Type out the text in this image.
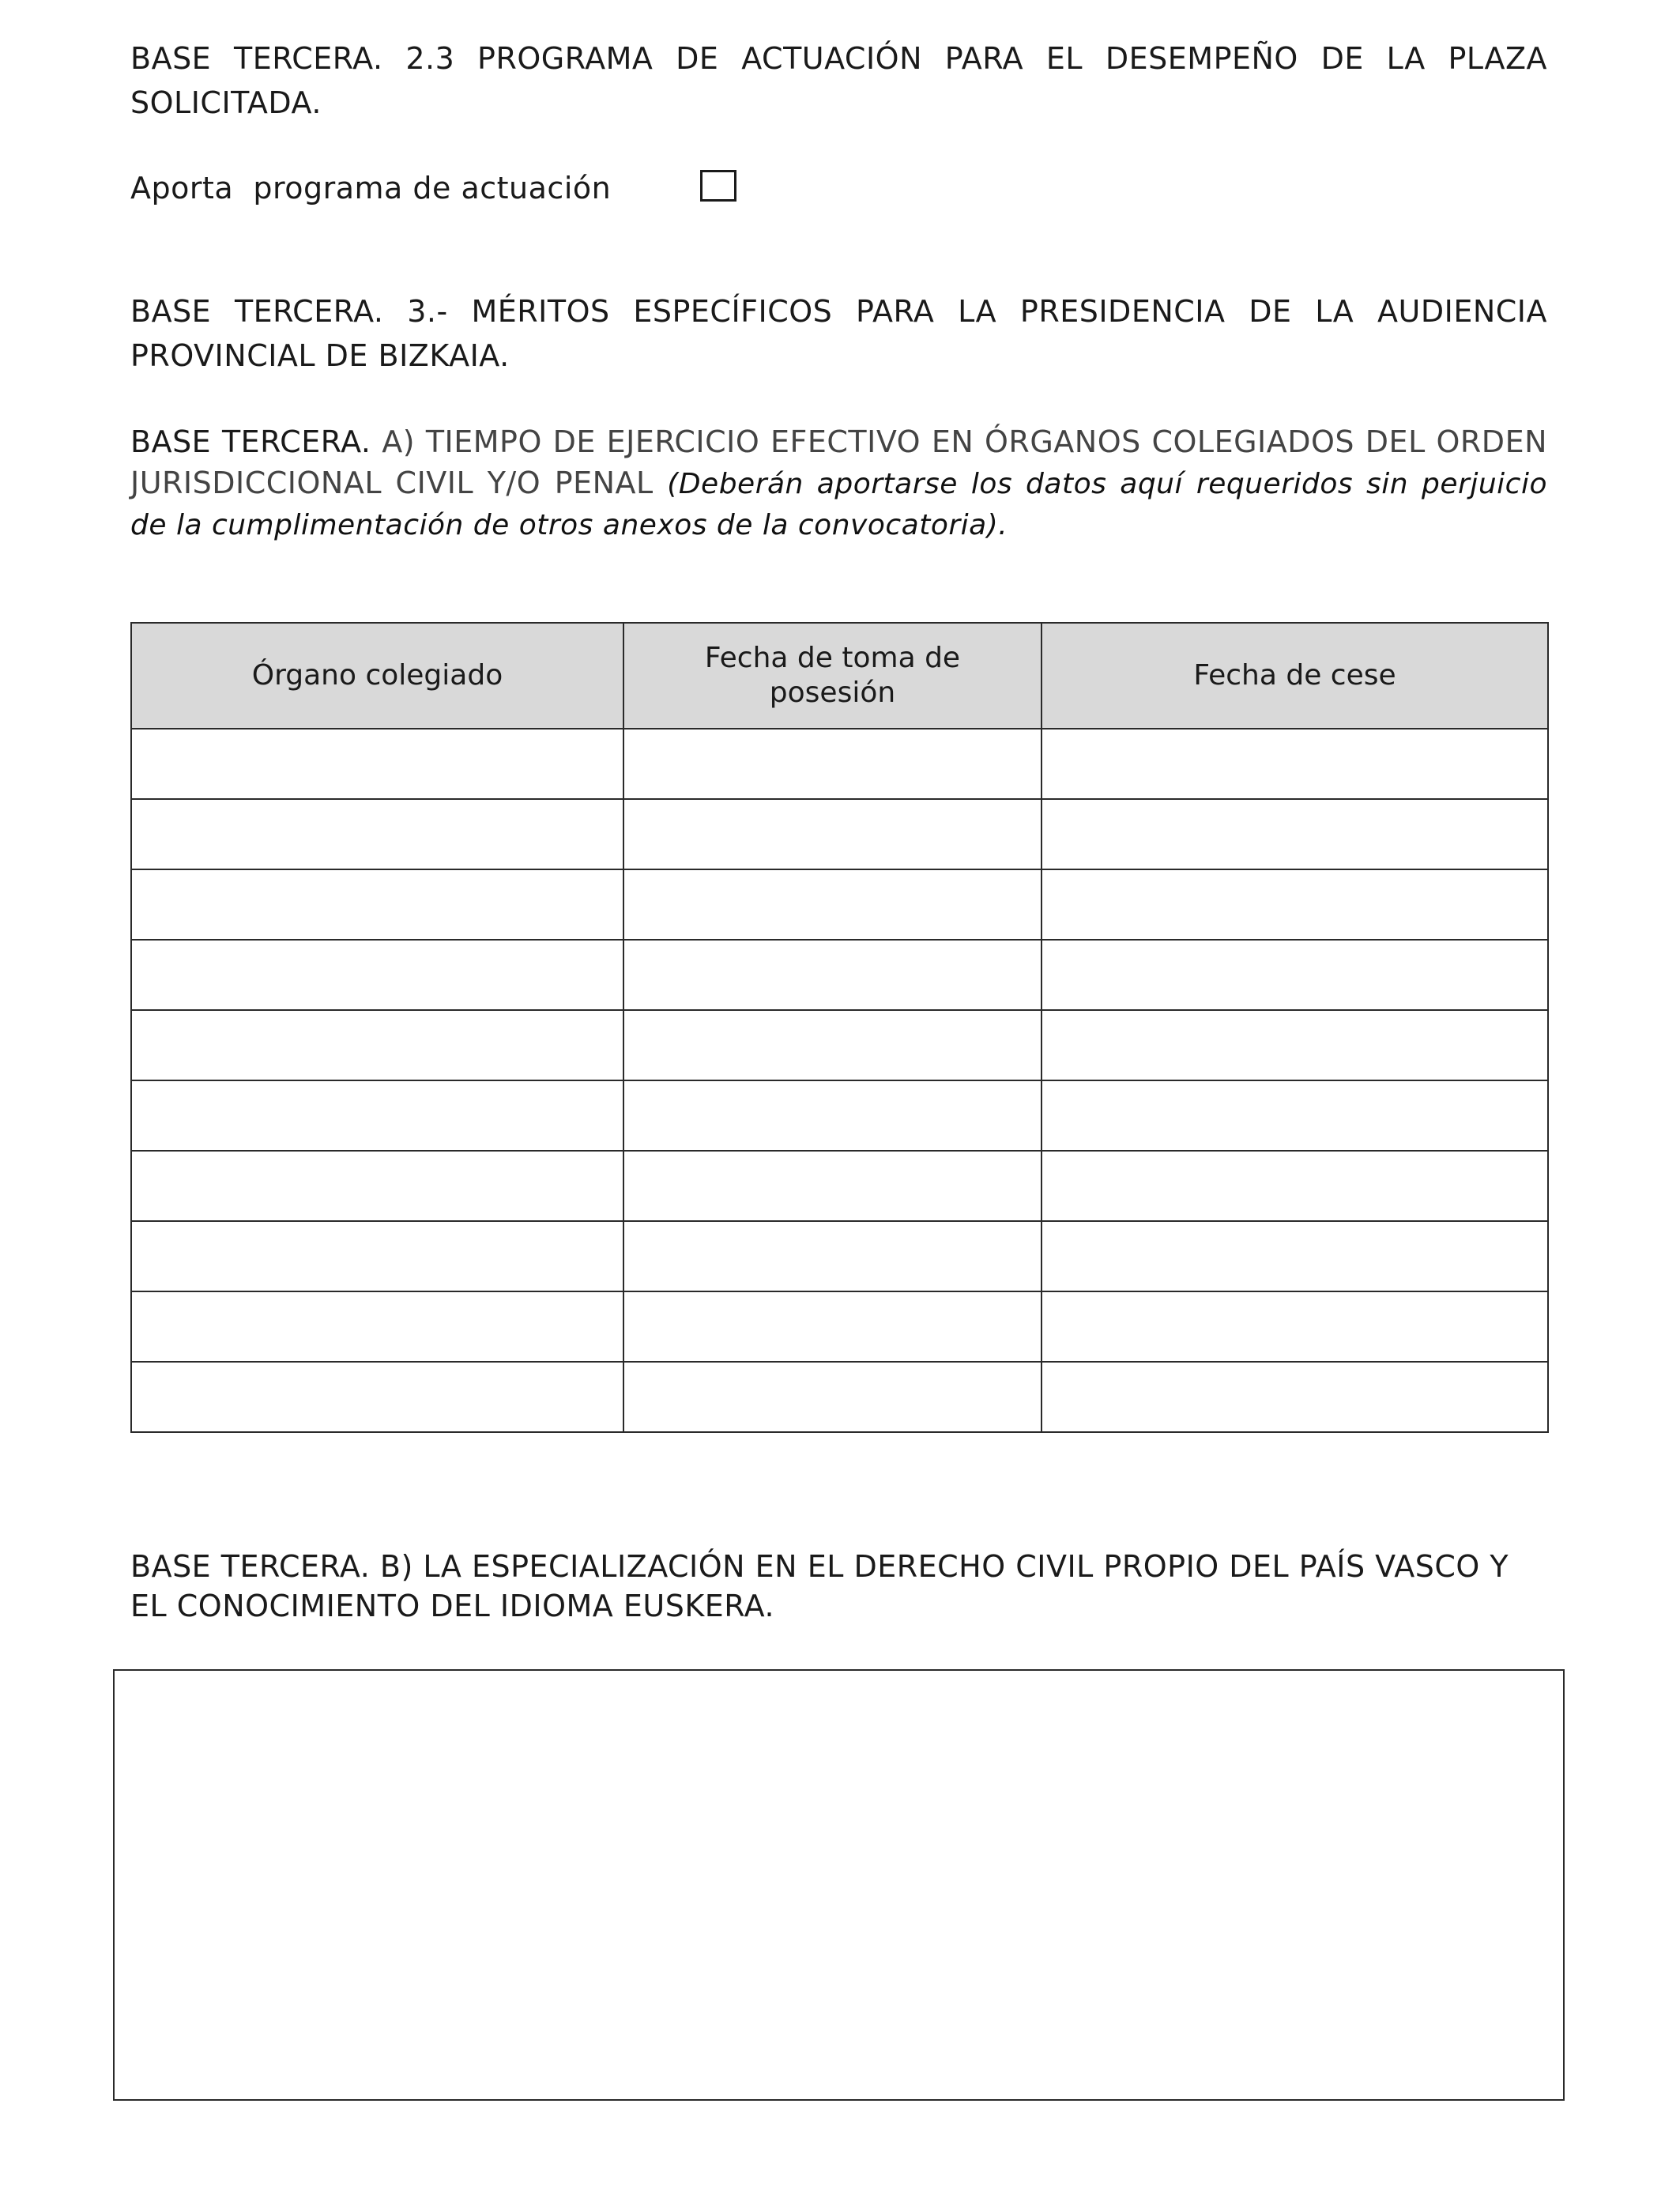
BASE TERCERA. 2.3 PROGRAMA DE ACTUACIÓN PARA EL DESEMPEÑO DE LA PLAZA SOLICITADA.
Aporta  programa de actuación
BASE TERCERA. 3.- MÉRITOS ESPECÍFICOS PARA LA PRESIDENCIA DE LA AUDIENCIA PROVINCIAL DE BIZKAIA.
BASE TERCERA. A) TIEMPO DE EJERCICIO EFECTIVO EN ÓRGANOS COLEGIADOS DEL ORDEN JURISDICCIONAL CIVIL Y/O PENAL (Deberán aportarse los datos aquí requeridos sin perjuicio de la cumplimentación de otros anexos de la convocatoria).
Órgano colegiado	Fecha de toma de posesión	Fecha de cese

BASE TERCERA. B) LA ESPECIALIZACIÓN EN EL DERECHO CIVIL PROPIO DEL PAÍS VASCO Y EL CONOCIMIENTO DEL IDIOMA EUSKERA.
